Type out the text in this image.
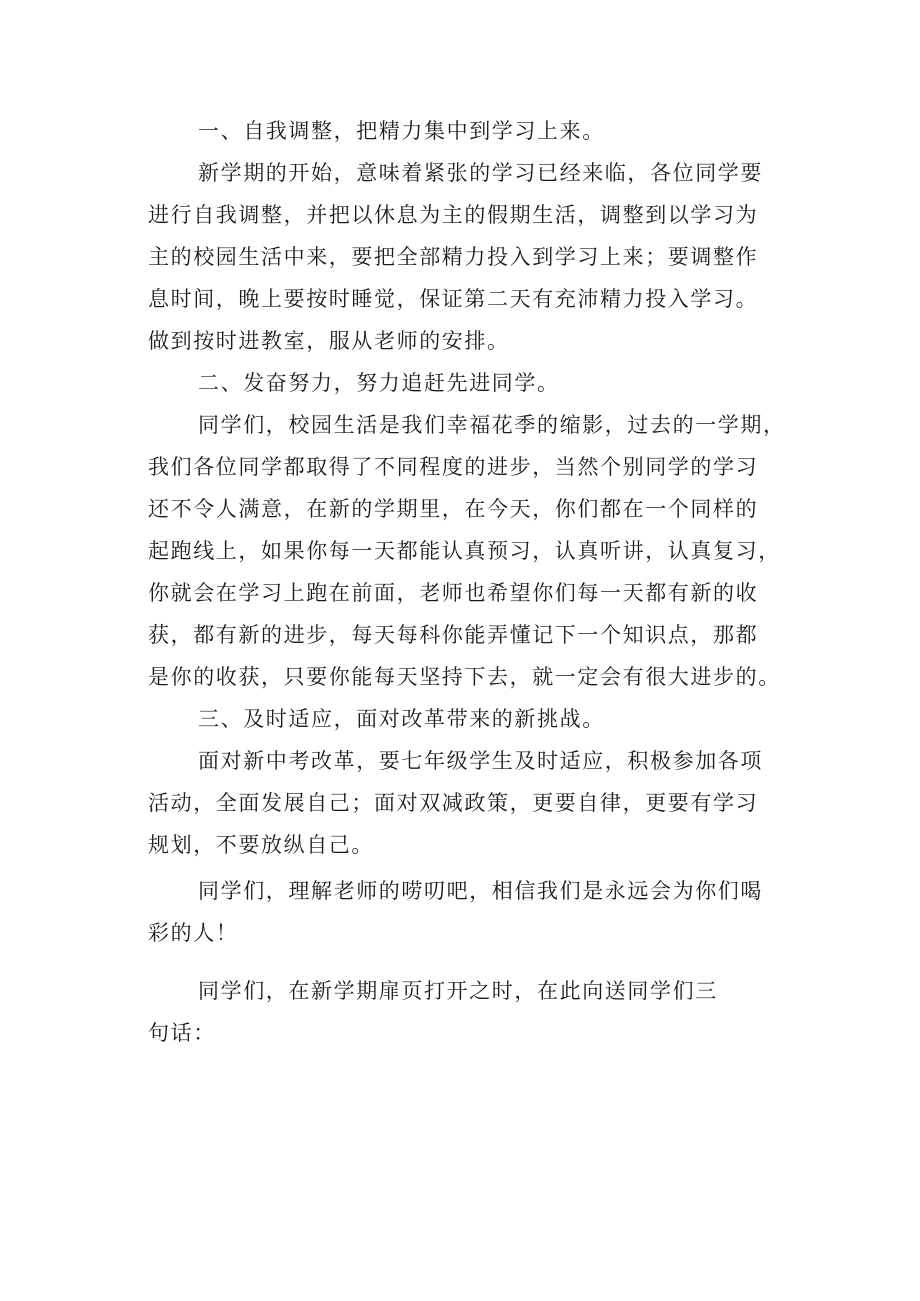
一、自我调整，把精力集中到学习上来。
新学期的开始，意味着紧张的学习已经来临，各位同学要
进行自我调整，并把以休息为主的假期生活，调整到以学习为
主的校园生活中来，要把全部精力投入到学习上来；要调整作
息时间，晚上要按时睡觉，保证第二天有充沛精力投入学习。
做到按时进教室，服从老师的安排。
二、发奋努力，努力追赶先进同学。
同学们，校园生活是我们幸福花季的缩影，过去的一学期，
我们各位同学都取得了不同程度的进步，当然个别同学的学习
还不令人满意，在新的学期里，在今天，你们都在一个同样的
起跑线上，如果你每一天都能认真预习，认真听讲，认真复习，
你就会在学习上跑在前面，老师也希望你们每一天都有新的收
获，都有新的进步，每天每科你能弄懂记下一个知识点，那都
是你的收获，只要你能每天坚持下去，就一定会有很大进步的。
三、及时适应，面对改革带来的新挑战。
面对新中考改革，要七年级学生及时适应，积极参加各项
活动，全面发展自己；面对双减政策，更要自律，更要有学习
规划，不要放纵自己。
同学们，理解老师的唠叨吧，相信我们是永远会为你们喝
彩的人！
同学们，在新学期扉页打开之时，在此向送同学们三
句话：
